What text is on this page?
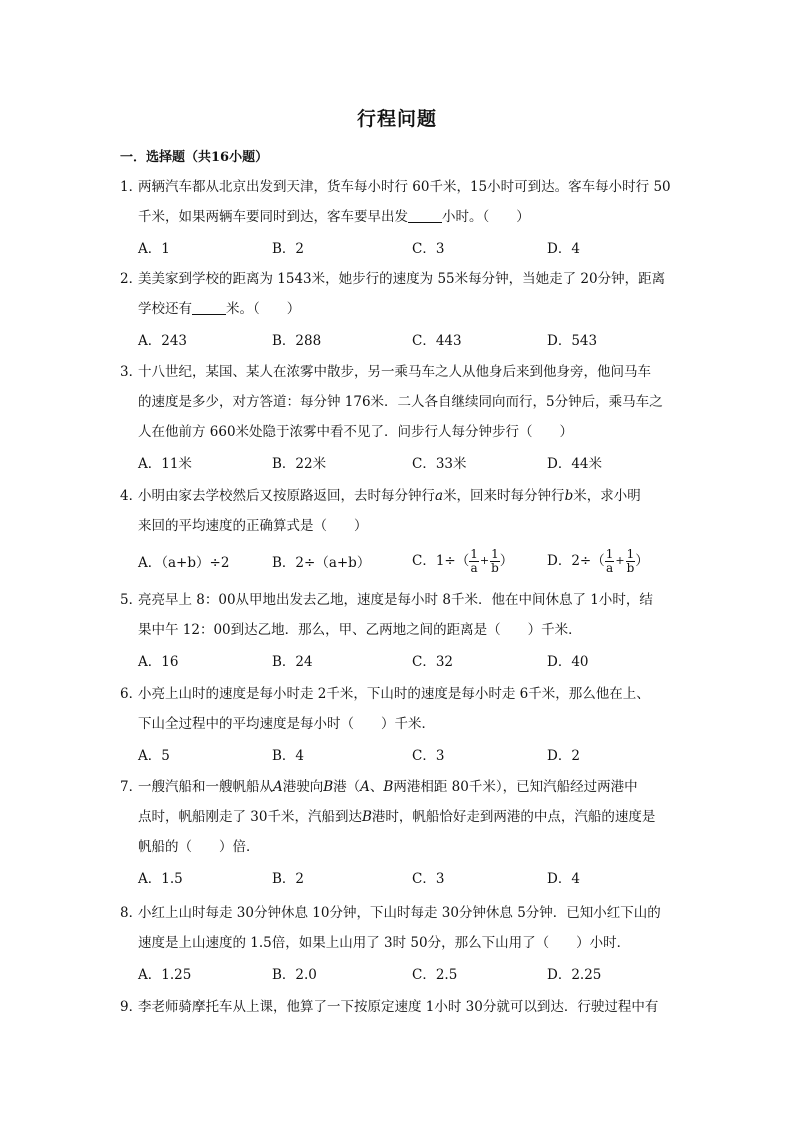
行程问题
一．选择题（共16小题）
1．两辆汽车都从北京出发到天津，货车每小时行 60千米，15小时可到达。客车每小时行 50
千米，如果两辆车要同时到达，客车要早出发	小时。（　　）
A．1	B．2	C．3	D．4
2．美美家到学校的距离为 1543米，她步行的速度为 55米每分钟，当她走了 20分钟，距离
学校还有	米。（　　）
A．243	B．288	C．443	D．543
3．十八世纪，某国、某人在浓雾中散步，另一乘马车之人从他身后来到他身旁，他问马车
的速度是多少，对方答道：每分钟 176米．二人各自继续同向而行，5分钟后，乘马车之
人在他前方 660米处隐于浓雾中看不见了．问步行人每分钟步行（　　）
A．11米	B．22米	C．33米	D．44米
4．小明由家去学校然后又按原路返回，去时每分钟行a米，回来时每分钟行b米，求小明
来回的平均速度的正确算式是（　　）
A．（a+b）÷2	B．2÷（a+b）	C．$1\div( \frac{1}{a} + \frac{1}{b}$ ） D．$2\div( \frac{1}{a} + \frac{1}{b}$ ）
5．亮亮早上 8：00从甲地出发去乙地，速度是每小时 8千米．他在中间休息了 1小时，结
果中午 12：00到达乙地．那么，甲、乙两地之间的距离是（　　）千米．
A．16	B．24	C．32	D．40
6．小亮上山时的速度是每小时走 2千米，下山时的速度是每小时走 6千米，那么他在上、
下山全过程中的平均速度是每小时（　　）千米．
A．5	B．4	C．3	D．2
7．一艘汽船和一艘帆船从A港驶向B港（A、B两港相距 80千米），已知汽船经过两港中
点时，帆船刚走了 30千米，汽船到达B港时，帆船恰好走到两港的中点，汽船的速度是
帆船的（　　）倍．
A．1.5	B．2	C．3	D．4
8．小红上山时每走 30分钟休息 10分钟，下山时每走 30分钟休息 5分钟．已知小红下山的
速度是上山速度的 1.5倍，如果上山用了 3时 50分，那么下山用了（　　）小时．
A．1.25	B．2.0	C．2.5	D．2.25
9．李老师骑摩托车从上课，他算了一下按原定速度 1小时 30分就可以到达．行驶过程中有
